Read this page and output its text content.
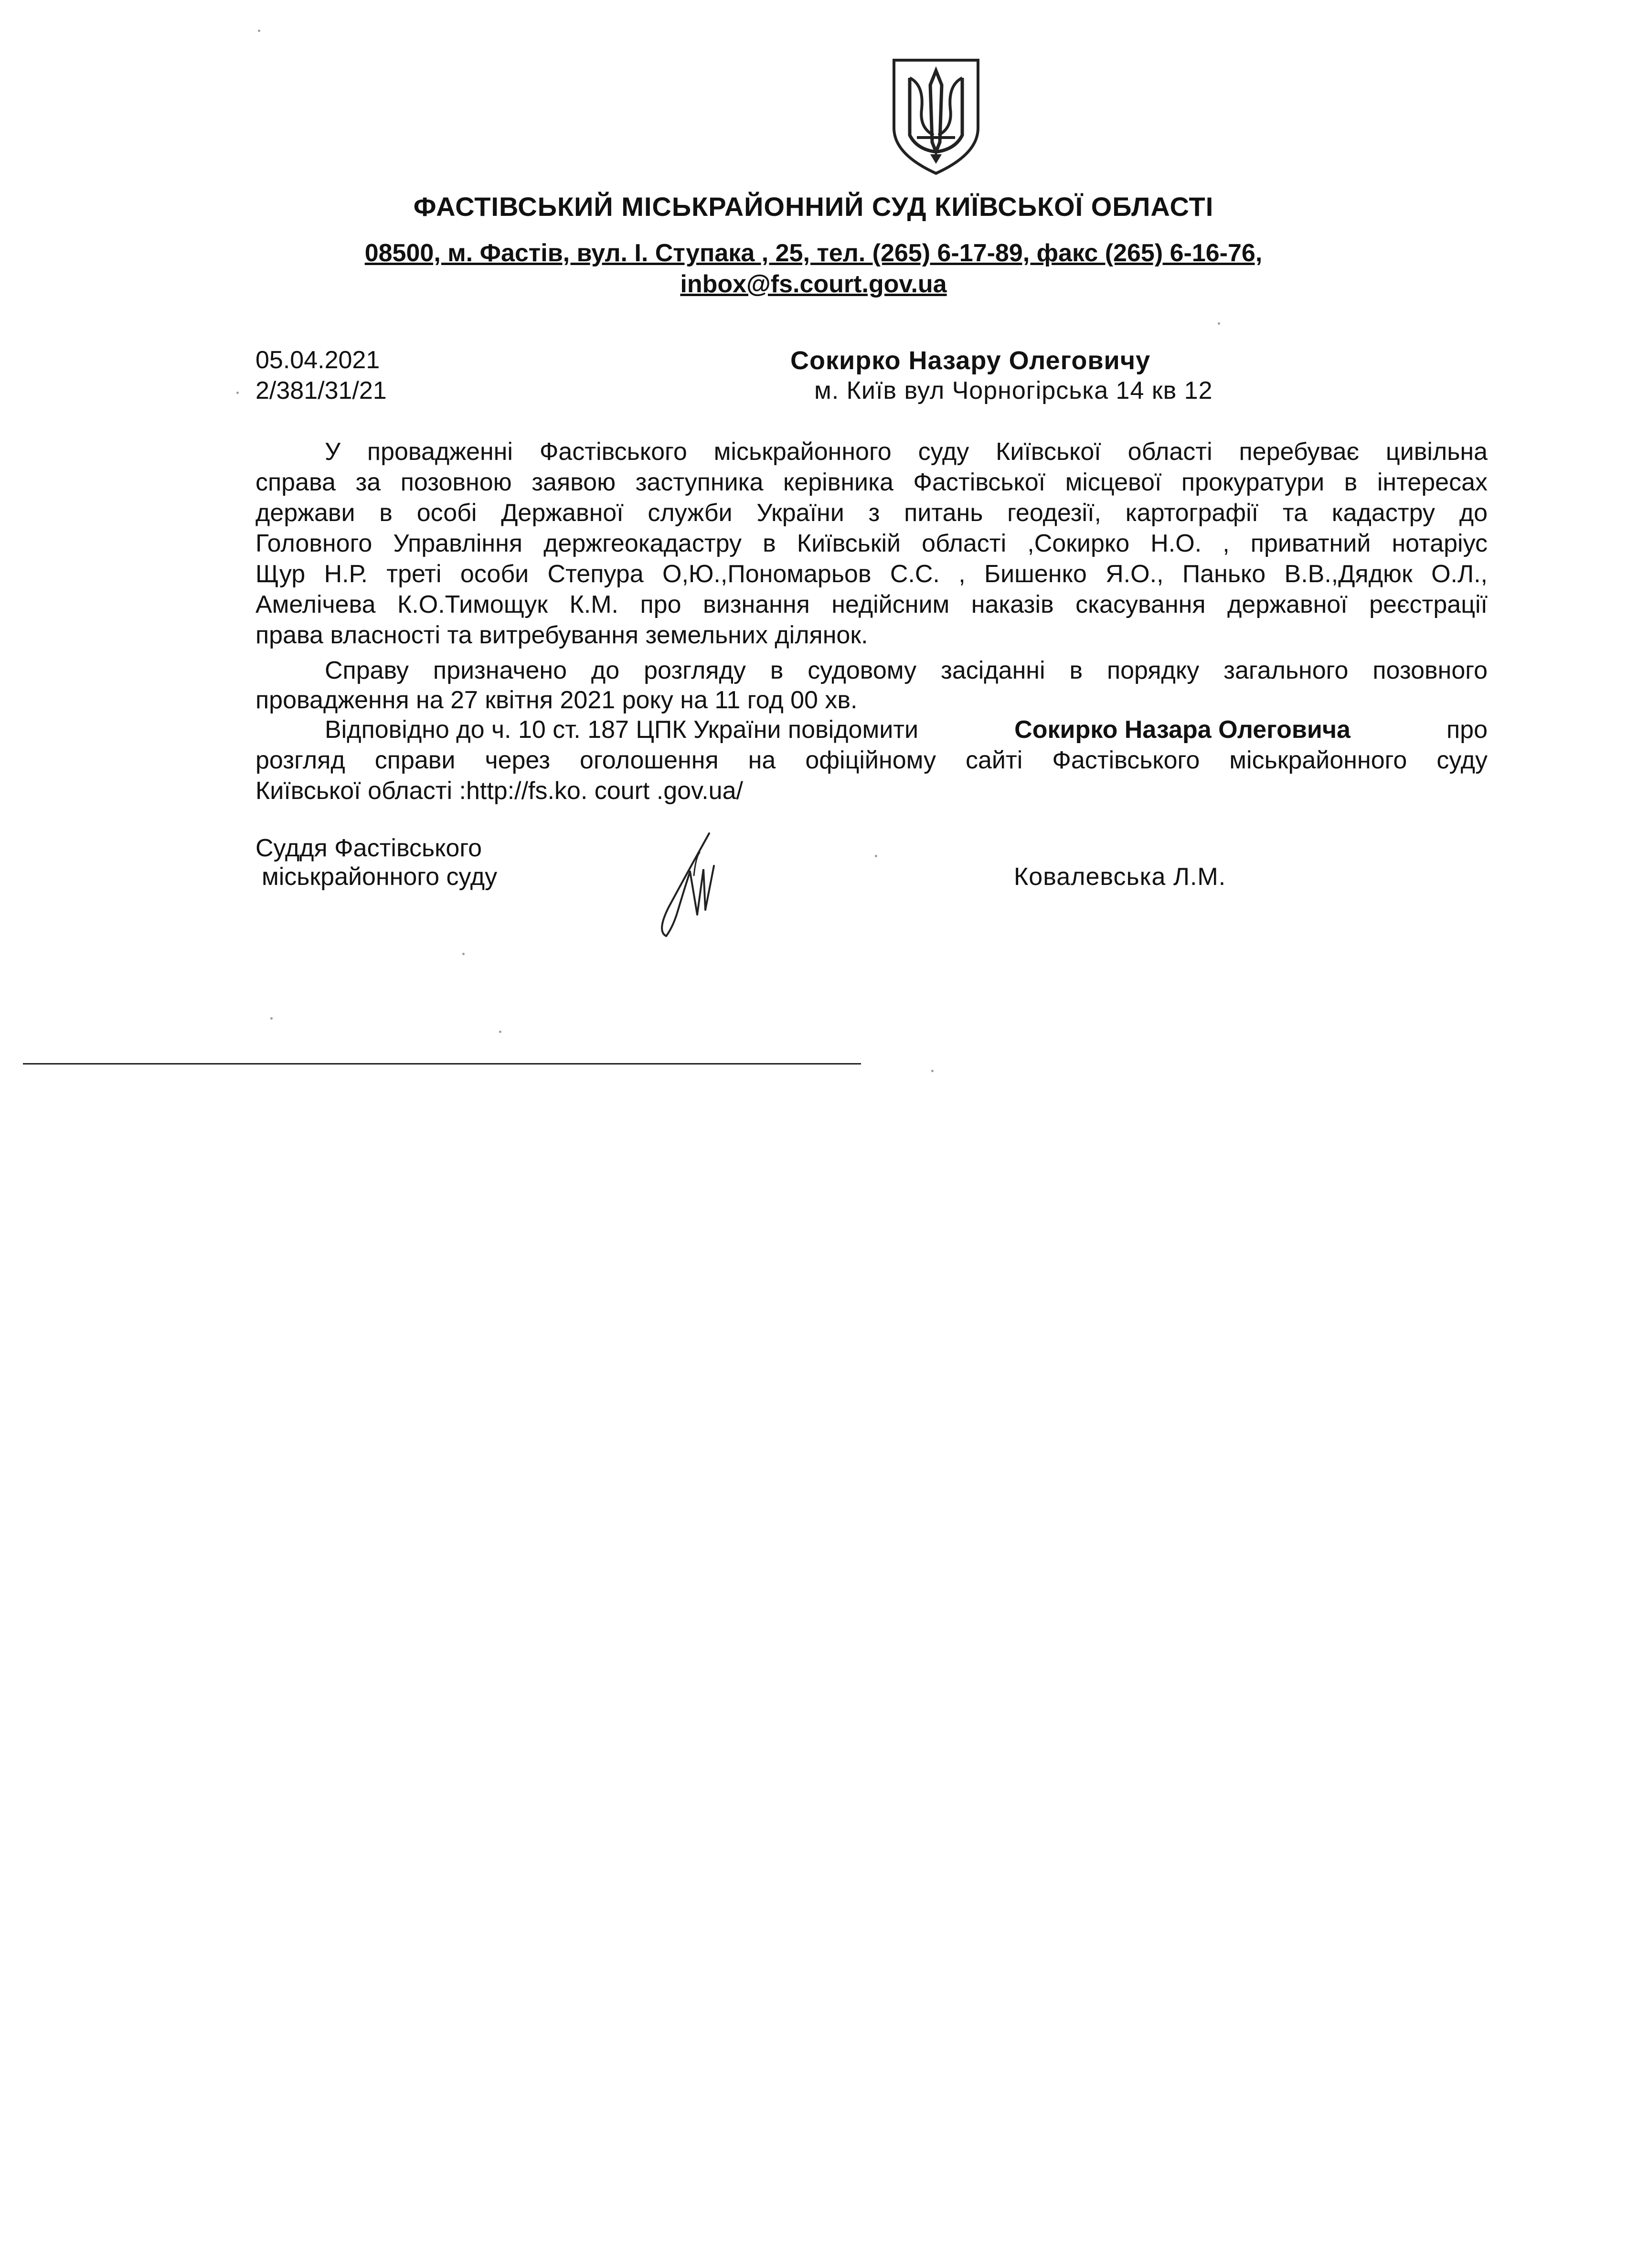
ФАСТІВСЬКИЙ МІСЬКРАЙОННИЙ СУД КИЇВСЬКОЇ ОБЛАСТІ
08500, м. Фастів, вул. І. Ступака , 25, тел. (265) 6-17-89, факс (265) 6-16-76,
inbox@fs.court.gov.ua
05.04.2021
2/381/31/21
Сокирко Назару Олеговичу
м. Київ вул Чорногірська 14 кв 12
У провадженні Фастівського міськрайонного суду Київської області перебуває цивільна
справа за позовною заявою заступника керівника Фастівської місцевої прокуратури в інтересах
держави в особі Державної служби України з питань геодезії, картографії та кадастру до
Головного Управління держгеокадастру в Київській області ,Сокирко Н.О. , приватний нотаріус
Щур Н.Р. треті особи Степура О,Ю.,Пономарьов С.С. , Бишенко Я.О., Панько В.В.,Дядюк О.Л.,
Амелічева К.О.Тимощук К.М. про визнання недійсним наказів скасування державної реєстрації
права власності та витребування земельних ділянок.
Справу призначено до розгляду в судовому засіданні в порядку загального позовного
провадження на 27 квітня 2021 року на 11 год 00 хв.
Відповідно до ч. 10 ст. 187 ЦПК України повідомити	Сокирко Назара Олеговича	про
розгляд справи через оголошення на офіційному сайті Фастівського міськрайонного суду
Київської області :http://fs.ko. court .gov.ua/
Суддя Фастівського
міськрайонного суду	Ковалевська Л.М.
